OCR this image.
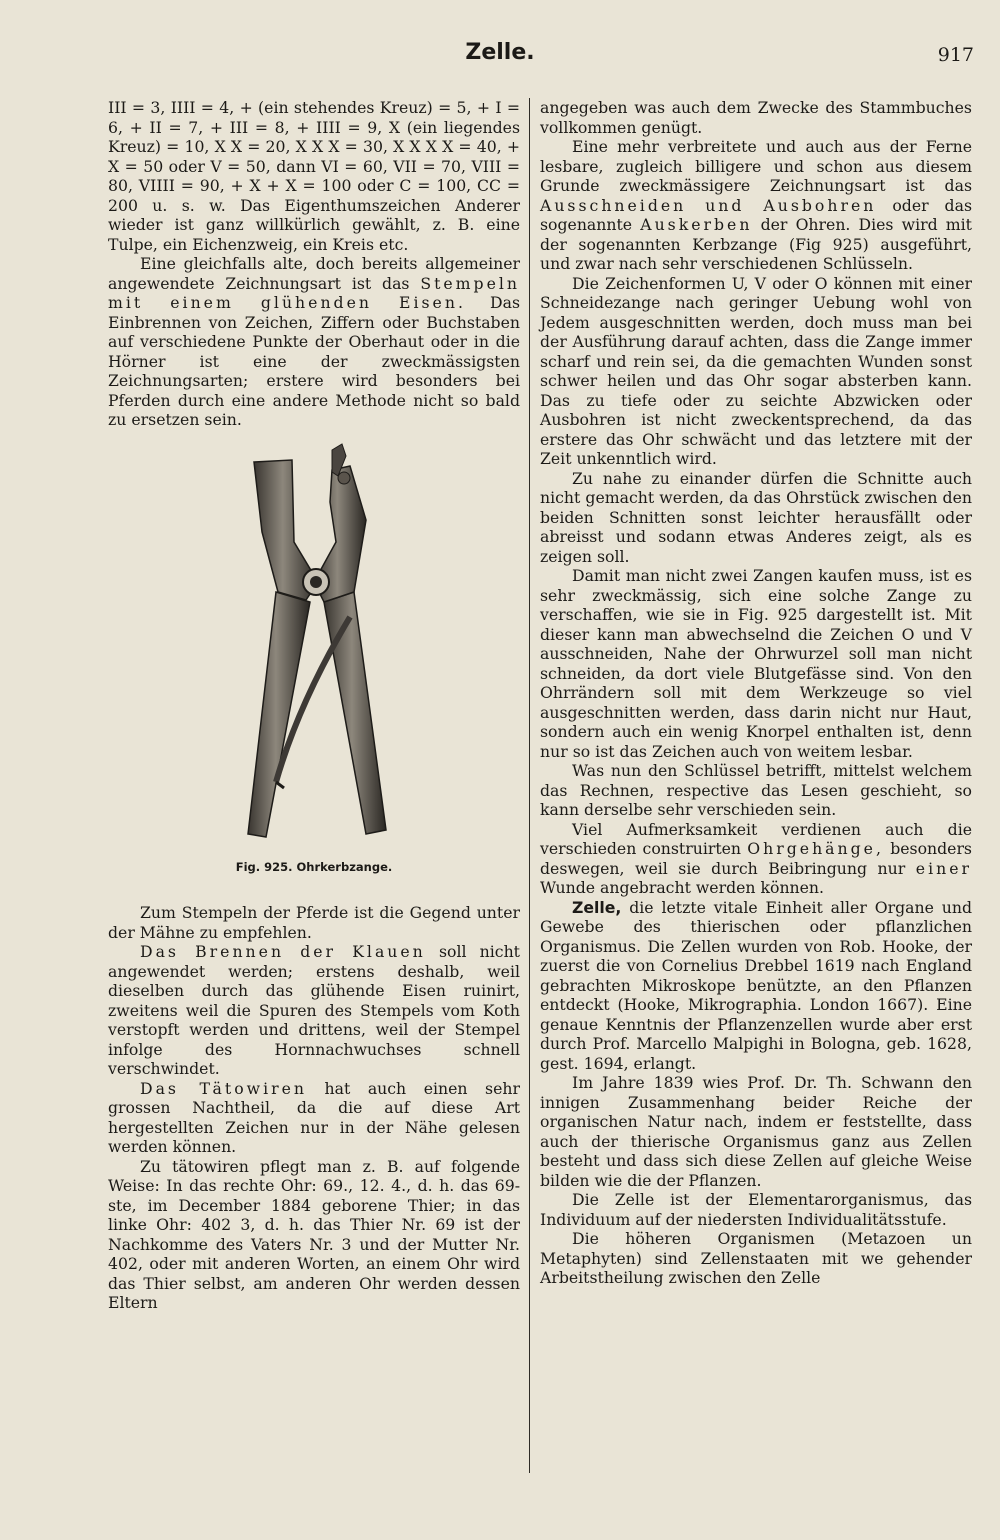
Zelle.	917

III = 3, IIII = 4, + (ein stehendes Kreuz) = 5, + I = 6, + II = 7, + III = 8, + IIII = 9, X (ein liegendes Kreuz) = 10, X X = 20, X X X = 30, X X X X = 40, + X = 50 oder V = 50, dann VI = 60, VII = 70, VIII = 80, VIIII = 90, + X + X = 100 oder C = 100, CC = 200 u. s. w. Das Eigenthumszeichen Anderer wieder ist ganz willkürlich gewählt, z. B. eine Tulpe, ein Eichenzweig, ein Kreis etc.

Eine gleichfalls alte, doch bereits allgemeiner angewendete Zeichnungsart ist das Stempeln mit einem glühenden Eisen. Das Einbrennen von Zeichen, Ziffern oder Buchstaben auf verschiedene Punkte der Oberhaut oder in die Hörner ist eine der zweckmässigsten Zeichnungsarten; erstere wird besonders bei Pferden durch eine andere Methode nicht so bald zu ersetzen sein.

Fig. 925. Ohrkerbzange.

Zum Stempeln der Pferde ist die Gegend unter der Mähne zu empfehlen.

Das Brennen der Klauen soll nicht angewendet werden; erstens deshalb, weil dieselben durch das glühende Eisen ruinirt, zweitens weil die Spuren des Stempels vom Koth verstopft werden und drittens, weil der Stempel infolge des Hornnachwuchses schnell verschwindet.

Das Tätowiren hat auch einen sehr grossen Nachtheil, da die auf diese Art hergestellten Zeichen nur in der Nähe gelesen werden können.

Zu tätowiren pflegt man z. B. auf folgende Weise: In das rechte Ohr: 69., 12. 4., d. h. das 69-ste, im December 1884 geborene Thier; in das linke Ohr: 402 3, d. h. das Thier Nr. 69 ist der Nachkomme des Vaters Nr. 3 und der Mutter Nr. 402, oder mit anderen Worten, an einem Ohr wird das Thier selbst, am anderen Ohr werden dessen Eltern

angegeben was auch dem Zwecke des Stammbuches vollkommen genügt.

Eine mehr verbreitete und auch aus der Ferne lesbare, zugleich billigere und schon aus diesem Grunde zweckmässigere Zeichnungsart ist das Ausschneiden und Ausbohren oder das sogenannte Auskerben der Ohren. Dies wird mit der sogenannten Kerbzange (Fig 925) ausgeführt, und zwar nach sehr verschiedenen Schlüsseln.

Die Zeichenformen U, V oder O können mit einer Schneidezange nach geringer Uebung wohl von Jedem ausgeschnitten werden, doch muss man bei der Ausführung darauf achten, dass die Zange immer scharf und rein sei, da die gemachten Wunden sonst schwer heilen und das Ohr sogar absterben kann. Das zu tiefe oder zu seichte Abzwicken oder Ausbohren ist nicht zweckentsprechend, da das erstere das Ohr schwächt und das letztere mit der Zeit unkenntlich wird.

Zu nahe zu einander dürfen die Schnitte auch nicht gemacht werden, da das Ohrstück zwischen den beiden Schnitten sonst leichter herausfällt oder abreisst und sodann etwas Anderes zeigt, als es zeigen soll.

Damit man nicht zwei Zangen kaufen muss, ist es sehr zweckmässig, sich eine solche Zange zu verschaffen, wie sie in Fig. 925 dargestellt ist. Mit dieser kann man abwechselnd die Zeichen O und V ausschneiden, Nahe der Ohrwurzel soll man nicht schneiden, da dort viele Blutgefässe sind. Von den Ohrrändern soll mit dem Werkzeuge so viel ausgeschnitten werden, dass darin nicht nur Haut, sondern auch ein wenig Knorpel enthalten ist, denn nur so ist das Zeichen auch von weitem lesbar.

Was nun den Schlüssel betrifft, mittelst welchem das Rechnen, respective das Lesen geschieht, so kann derselbe sehr verschieden sein.

Viel Aufmerksamkeit verdienen auch die verschieden construirten Ohrgehänge, besonders deswegen, weil sie durch Beibringung nur einer Wunde angebracht werden können.

Zelle, die letzte vitale Einheit aller Organe und Gewebe des thierischen oder pflanzlichen Organismus. Die Zellen wurden von Rob. Hooke, der zuerst die von Cornelius Drebbel 1619 nach England gebrachten Mikroskope benützte, an den Pflanzen entdeckt (Hooke, Mikrographia. London 1667). Eine genaue Kenntnis der Pflanzenzellen wurde aber erst durch Prof. Marcello Malpighi in Bologna, geb. 1628, gest. 1694, erlangt.

Im Jahre 1839 wies Prof. Dr. Th. Schwann den innigen Zusammenhang beider Reiche der organischen Natur nach, indem er feststellte, dass auch der thierische Organismus ganz aus Zellen besteht und dass sich diese Zellen auf gleiche Weise bilden wie die der Pflanzen.

Die Zelle ist der Elementarorganismus, das Individuum auf der niedersten Individualitätsstufe.

Die höheren Organismen (Metazoen un Metaphyten) sind Zellenstaaten mit we gehender Arbeitstheilung zwischen den Zelle
